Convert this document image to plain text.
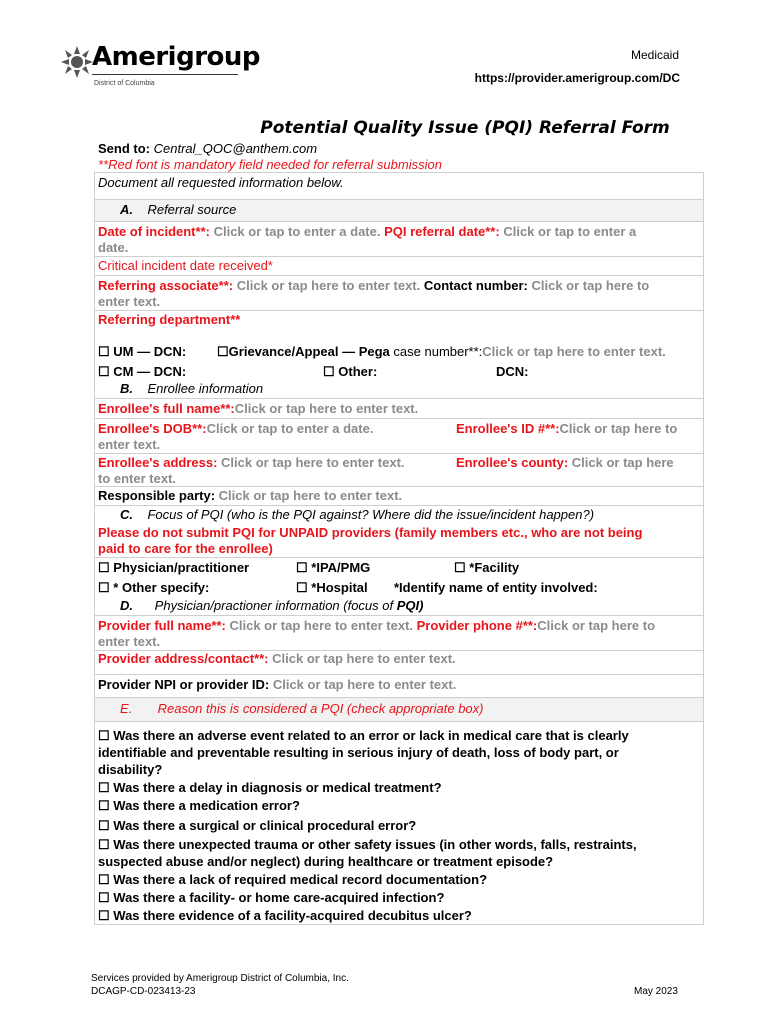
Amerigroup
District of Columbia
Medicaid
https://provider.amerigroup.com/DC
Potential Quality Issue (PQI) Referral Form
Send to: Central_QOC@anthem.com
**Red font is mandatory field needed for referral submission
Document all requested information below.
A. Referral source
Date of incident**: Click or tap to enter a date. PQI referral date**: Click or tap to enter a
date.
Critical incident date received*
Referring associate**: Click or tap here to enter text. Contact number: Click or tap here to
enter text.
Referring department**
☐ UM — DCN: ☐Grievance/Appeal — Pega case number**:Click or tap here to enter text.
☐ CM — DCN:	☐ Other:	DCN:
B. Enrollee information
Enrollee's full name**:Click or tap here to enter text.
Enrollee's DOB**:Click or tap to enter a date.	Enrollee's ID #**:Click or tap here to
enter text.
Enrollee's address: Click or tap here to enter text.	Enrollee's county: Click or tap here
to enter text.
Responsible party: Click or tap here to enter text.
C. Focus of PQI (who is the PQI against? Where did the issue/incident happen?)
Please do not submit PQI for UNPAID providers (family members etc., who are not being
paid to care for the enrollee)
☐ Physician/practitioner	☐ *IPA/PMG	☐ *Facility
☐ * Other specify:	☐ *Hospital *Identify name of entity involved:
D. Physician/practioner information (focus of PQI)
Provider full name**: Click or tap here to enter text. Provider phone #**:Click or tap here to
enter text.
Provider address/contact**: Click or tap here to enter text.
Provider NPI or provider ID: Click or tap here to enter text.
E. Reason this is considered a PQI (check appropriate box)
☐ Was there an adverse event related to an error or lack in medical care that is clearly
identifiable and preventable resulting in serious injury of death, loss of body part, or
disability?
☐ Was there a delay in diagnosis or medical treatment?
☐ Was there a medication error?
☐ Was there a surgical or clinical procedural error?
☐ Was there unexpected trauma or other safety issues (in other words, falls, restraints,
suspected abuse and/or neglect) during healthcare or treatment episode?
☐ Was there a lack of required medical record documentation?
☐ Was there a facility- or home care-acquired infection?
☐ Was there evidence of a facility-acquired decubitus ulcer?
Services provided by Amerigroup District of Columbia, Inc.
DCAGP-CD-023413-23	May 2023
